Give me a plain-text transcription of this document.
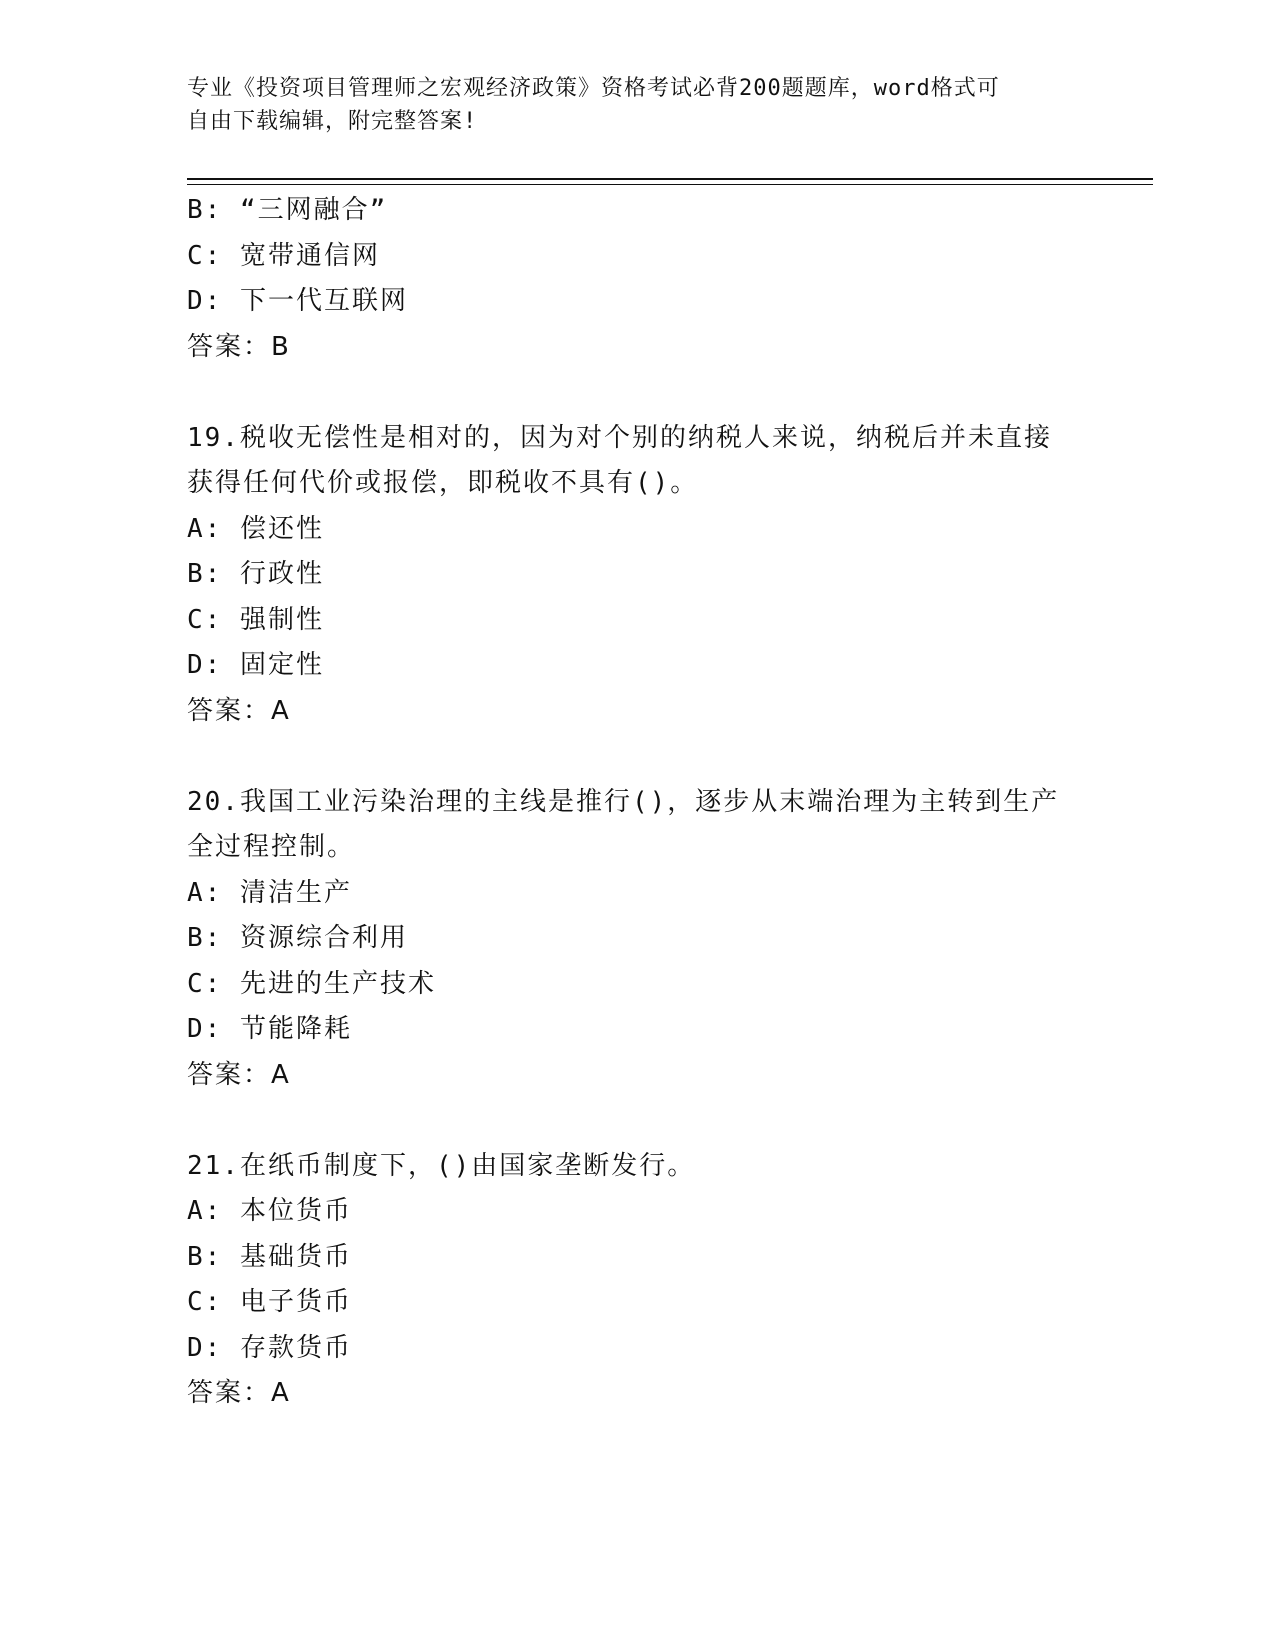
专业《投资项目管理师之宏观经济政策》资格考试必背200题题库，word格式可
自由下载编辑，附完整答案!
B: “三网融合”
C: 宽带通信网
D: 下一代互联网
答案：B
19.税收无偿性是相对的，因为对个别的纳税人来说，纳税后并未直接
获得任何代价或报偿，即税收不具有()。
A: 偿还性
B: 行政性
C: 强制性
D: 固定性
答案：A
20.我国工业污染治理的主线是推行()，逐步从末端治理为主转到生产
全过程控制。
A: 清洁生产
B: 资源综合利用
C: 先进的生产技术
D: 节能降耗
答案：A
21.在纸币制度下，()由国家垄断发行。
A: 本位货币
B: 基础货币
C: 电子货币
D: 存款货币
答案：A
